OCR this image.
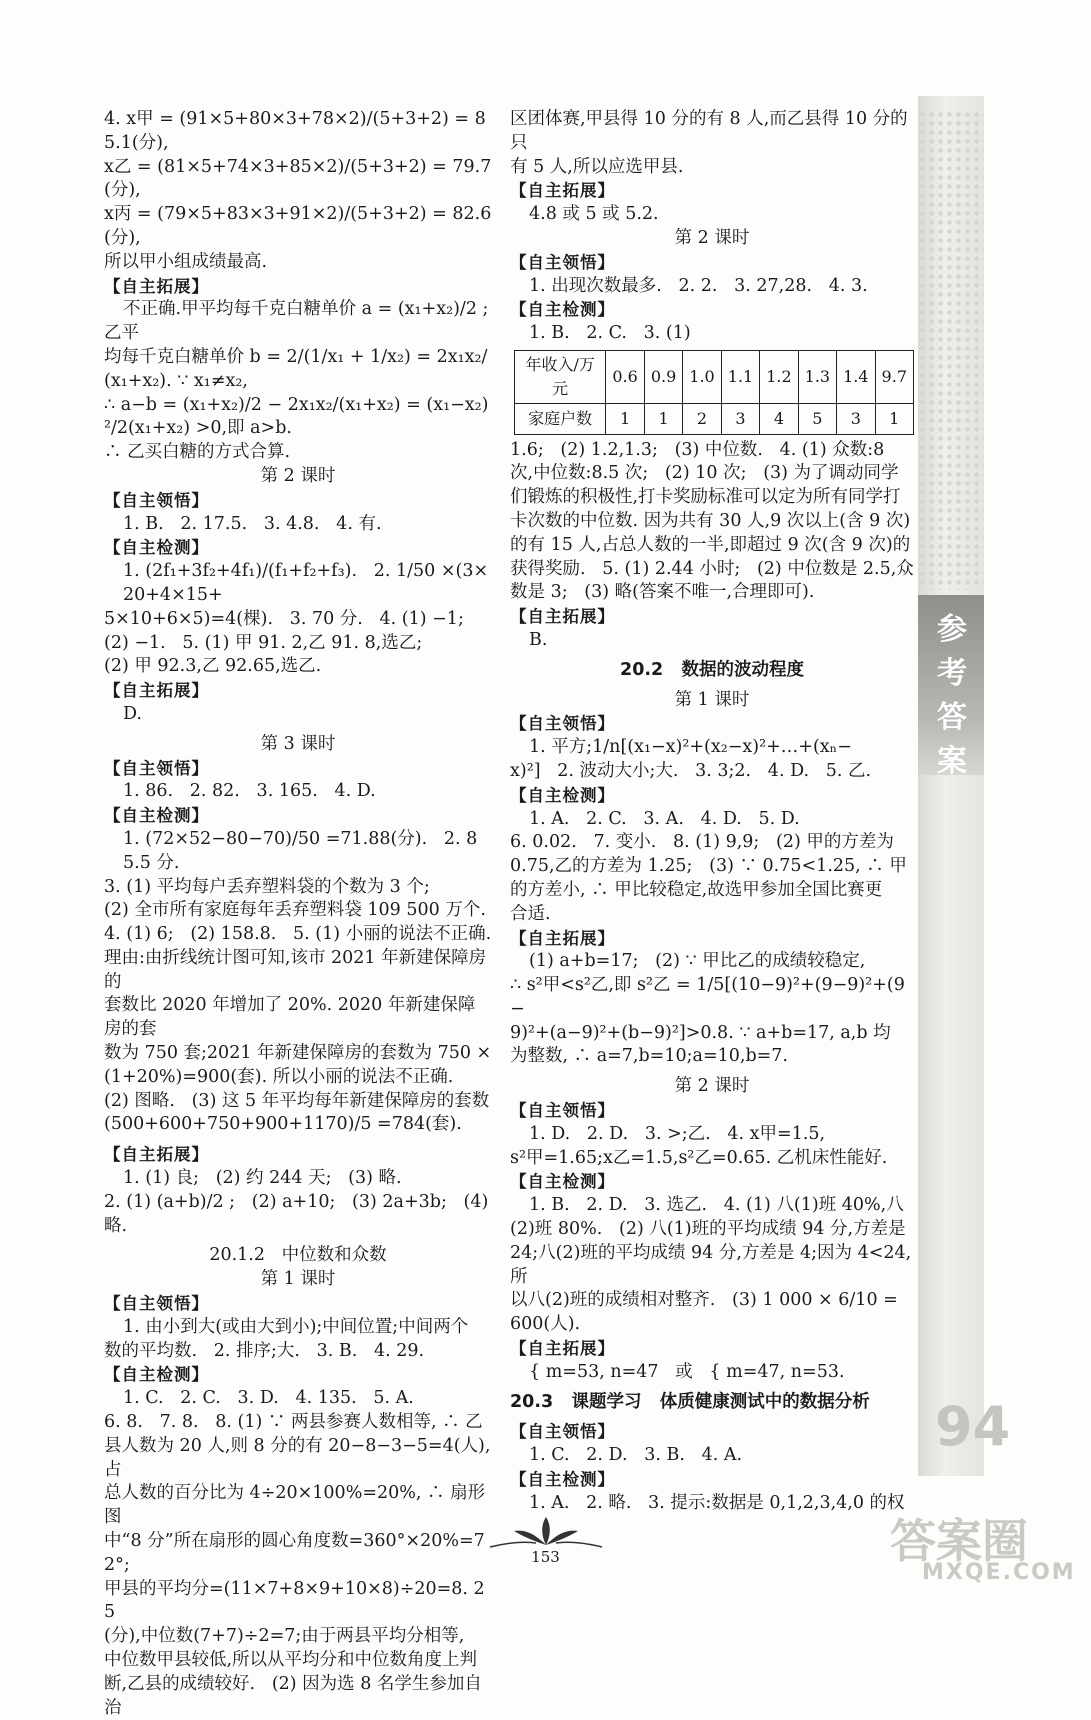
参考答案
94

4. x甲 = (91×5+80×3+78×2)/(5+3+2) = 85.1(分),

x乙 = (81×5+74×3+85×2)/(5+3+2) = 79.7(分),

x丙 = (79×5+83×3+91×2)/(5+3+2) = 82.6(分),

所以甲小组成绩最高.

【自主拓展】

不正确.甲平均每千克白糖单价 a = (x₁+x₂)/2 ;乙平

均每千克白糖单价 b = 2/(1/x₁ + 1/x₂) = 2x₁x₂/(x₁+x₂). ∵ x₁≠x₂,

∴ a−b = (x₁+x₂)/2 − 2x₁x₂/(x₁+x₂) = (x₁−x₂)²/2(x₁+x₂) >0,即 a>b.

∴ 乙买白糖的方式合算.

第 2 课时

【自主领悟】

1. B.   2. 17.5.   3. 4.8.   4. 有.

【自主检测】

1. (2f₁+3f₂+4f₁)/(f₁+f₂+f₃).   2. 1/50 ×(3×20+4×15+

5×10+6×5)=4(棵).   3. 70 分.   4. (1) −1;

(2) −1.   5. (1) 甲 91. 2,乙 91. 8,选乙;

(2) 甲 92.3,乙 92.65,选乙.

【自主拓展】

D.

第 3 课时

【自主领悟】

1. 86.   2. 82.   3. 165.   4. D.

【自主检测】

1. (72×52−80−70)/50 =71.88(分).   2. 85.5 分.

3. (1) 平均每户丢弃塑料袋的个数为 3 个;

(2) 全市所有家庭每年丢弃塑料袋 109 500 万个.

4. (1) 6;   (2) 158.8.   5. (1) 小丽的说法不正确.

理由:由折线统计图可知,该市 2021 年新建保障房的

套数比 2020 年增加了 20%. 2020 年新建保障房的套

数为 750 套;2021 年新建保障房的套数为 750 ×

(1+20%)=900(套). 所以小丽的说法不正确.

(2) 图略.   (3) 这 5 年平均每年新建保障房的套数

(500+600+750+900+1170)/5 =784(套).

【自主拓展】

1. (1) 良;   (2) 约 244 天;   (3) 略.

2. (1) (a+b)/2 ;   (2) a+10;   (3) 2a+3b;   (4) 略.

20.1.2   中位数和众数

第 1 课时

【自主领悟】

1. 由小到大(或由大到小);中间位置;中间两个

数的平均数.   2. 排序;大.   3. B.   4. 29.

【自主检测】

1. C.   2. C.   3. D.   4. 135.   5. A.

6. 8.   7. 8.   8. (1) ∵ 两县参赛人数相等, ∴ 乙

县人数为 20 人,则 8 分的有 20−8−3−5=4(人),占

总人数的百分比为 4÷20×100%=20%, ∴ 扇形图

中“8 分”所在扇形的圆心角度数=360°×20%=72°;

甲县的平均分=(11×7+8×9+10×8)÷20=8. 25

(分),中位数(7+7)÷2=7;由于两县平均分相等,

中位数甲县较低,所以从平均分和中位数角度上判

断,乙县的成绩较好.   (2) 因为选 8 名学生参加自治

区团体赛,甲县得 10 分的有 8 人,而乙县得 10 分的只

有 5 人,所以应选甲县.

【自主拓展】

4.8 或 5 或 5.2.

第 2 课时

【自主领悟】

1. 出现次数最多.   2. 2.   3. 27,28.   4. 3.

【自主检测】

1. B.   2. C.   3. (1)

年收入/万元	0.6	0.9	1.0	1.1	1.2	1.3	1.4	9.7
家庭户数	1	1	2	3	4	5	3	1

1.6;   (2) 1.2,1.3;   (3) 中位数.   4. (1) 众数:8

次,中位数:8.5 次;   (2) 10 次;   (3) 为了调动同学

们锻炼的积极性,打卡奖励标准可以定为所有同学打

卡次数的中位数. 因为共有 30 人,9 次以上(含 9 次)

的有 15 人,占总人数的一半,即超过 9 次(含 9 次)的

获得奖励.   5. (1) 2.44 小时;   (2) 中位数是 2.5,众

数是 3;   (3) 略(答案不唯一,合理即可).

【自主拓展】

B.

20.2   数据的波动程度

第 1 课时

【自主领悟】

1. 平方;1/n[(x₁−x)²+(x₂−x)²+…+(xₙ−

x)²]   2. 波动大小;大.   3. 3;2.   4. D.   5. 乙.

【自主检测】

1. A.   2. C.   3. A.   4. D.   5. D.

6. 0.02.   7. 变小.   8. (1) 9,9;   (2) 甲的方差为

0.75,乙的方差为 1.25;   (3) ∵ 0.75<1.25, ∴ 甲

的方差小, ∴ 甲比较稳定,故选甲参加全国比赛更

合适.

【自主拓展】

(1) a+b=17;   (2) ∵ 甲比乙的成绩较稳定,

∴ s²甲<s²乙,即 s²乙 = 1/5[(10−9)²+(9−9)²+(9−

9)²+(a−9)²+(b−9)²]>0.8. ∵ a+b=17, a,b 均

为整数, ∴ a=7,b=10;a=10,b=7.

第 2 课时

【自主领悟】

1. D.   2. D.   3. >;乙.   4. x甲=1.5,

s²甲=1.65;x乙=1.5,s²乙=0.65. 乙机床性能好.

【自主检测】

1. B.   2. D.   3. 选乙.   4. (1) 八(1)班 40%,八

(2)班 80%.   (2) 八(1)班的平均成绩 94 分,方差是

24;八(2)班的平均成绩 94 分,方差是 4;因为 4<24,所

以八(2)班的成绩相对整齐.   (3) 1 000 × 6/10 =

600(人).

【自主拓展】

{ m=53, n=47   或   { m=47, n=53.

20.3   课题学习   体质健康测试中的数据分析

【自主领悟】

1. C.   2. D.   3. B.   4. A.

【自主检测】

1. A.   2. 略.   3. 提示:数据是 0,1,2,3,4,0 的权

153	答案圈
MXQE.COM
